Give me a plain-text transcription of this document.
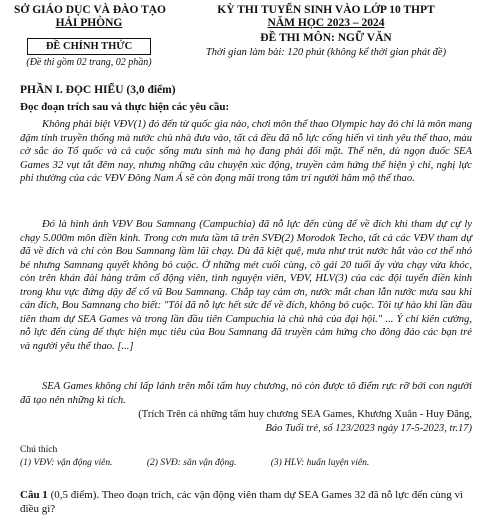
SỞ GIÁO DỤC VÀ ĐÀO TẠO
HẢI PHÒNG
ĐỀ CHÍNH THỨC
(Đề thi gồm 02 trang, 02 phần)
KỲ THI TUYỂN SINH VÀO LỚP 10 THPT
NĂM HỌC 2023 – 2024
ĐỀ THI MÔN: NGỮ VĂN
Thời gian làm bài: 120 phút (không kể thời gian phát đề)
PHẦN I. ĐỌC HIỂU (3,0 điểm)
Đọc đoạn trích sau và thực hiện các yêu cầu:
Không phải biệt VĐV(1) đó đến từ quốc gia nào, chơi môn thể thao Olympic hay đó chỉ là môn mang đậm tính truyền thống mà nước chủ nhà đưa vào, tất cả đều đã nỗ lực cống hiến vì tình yêu thể thao, màu cờ sắc áo Tổ quốc và cả cuộc sống mưu sinh mà họ đang phải đối mặt. Thể nên, dù ngọn đuốc SEA Games 32 vụt tắt đêm nay, nhưng những câu chuyện xúc động, truyền cảm hứng thể hiện ý chí, nghị lực phi thường của các VĐV Đông Nam Á sẽ còn đọng mãi trong tâm trí người hâm mộ thể thao.
Đó là hình ảnh VĐV Bou Samnang (Campuchia) đã nỗ lực đến cùng để về đích khi tham dự cự ly chạy 5.000m môn điền kinh. Trong cơn mưa tầm tã trên SVĐ(2) Morodok Techo, tất cả các VĐV tham dự đã về đích và chỉ còn Bou Samnang lầm lũi chạy. Dù đã kiệt quệ, mưa như trút nước hắt vào cơ thể nhỏ bé nhưng Samnang quyết không bỏ cuộc. Ở những mét cuối cùng, cô gái 20 tuổi ấy vừa chạy vừa khóc, còn trên khán đài hàng trăm cổ động viên, tình nguyện viên, VĐV, HLV(3) của các đội tuyển điền kinh trong khu vực đứng dậy để cổ vũ Bou Samnang. Chắp tay cảm ơn, nước mắt chan lẫn nước mưa sau khi cán đích, Bou Samnang cho biết: "Tôi đã nỗ lực hết sức để về đích, không bỏ cuộc. Tôi tự hào khi lần đầu tiên tham dự SEA Games và trong lần đầu tiên Campuchia là chủ nhà của đại hội." ... Ý chí kiên cường, nỗ lực đến cùng để thực hiện mục tiêu của Bou Samnang đã truyền cảm hứng cho đông đảo các bạn trẻ và người yêu thể thao. [...]
SEA Games không chỉ lấp lánh trên mỗi tấm huy chương, nó còn được tô điểm rực rỡ bởi con người đã tạo nên những kì tích.
(Trích Trên cả những tấm huy chương SEA Games, Khương Xuân - Huy Đăng,
Báo Tuổi trẻ, số 123/2023 ngày 17-5-2023, tr.17)
Chú thích
(1) VĐV: vận động viên.	(2) SVĐ: sân vận động.	(3) HLV: huấn luyện viên.
Câu 1 (0,5 điểm). Theo đoạn trích, các vận động viên tham dự SEA Games 32 đã nỗ lực đến cùng vì điều gì?
